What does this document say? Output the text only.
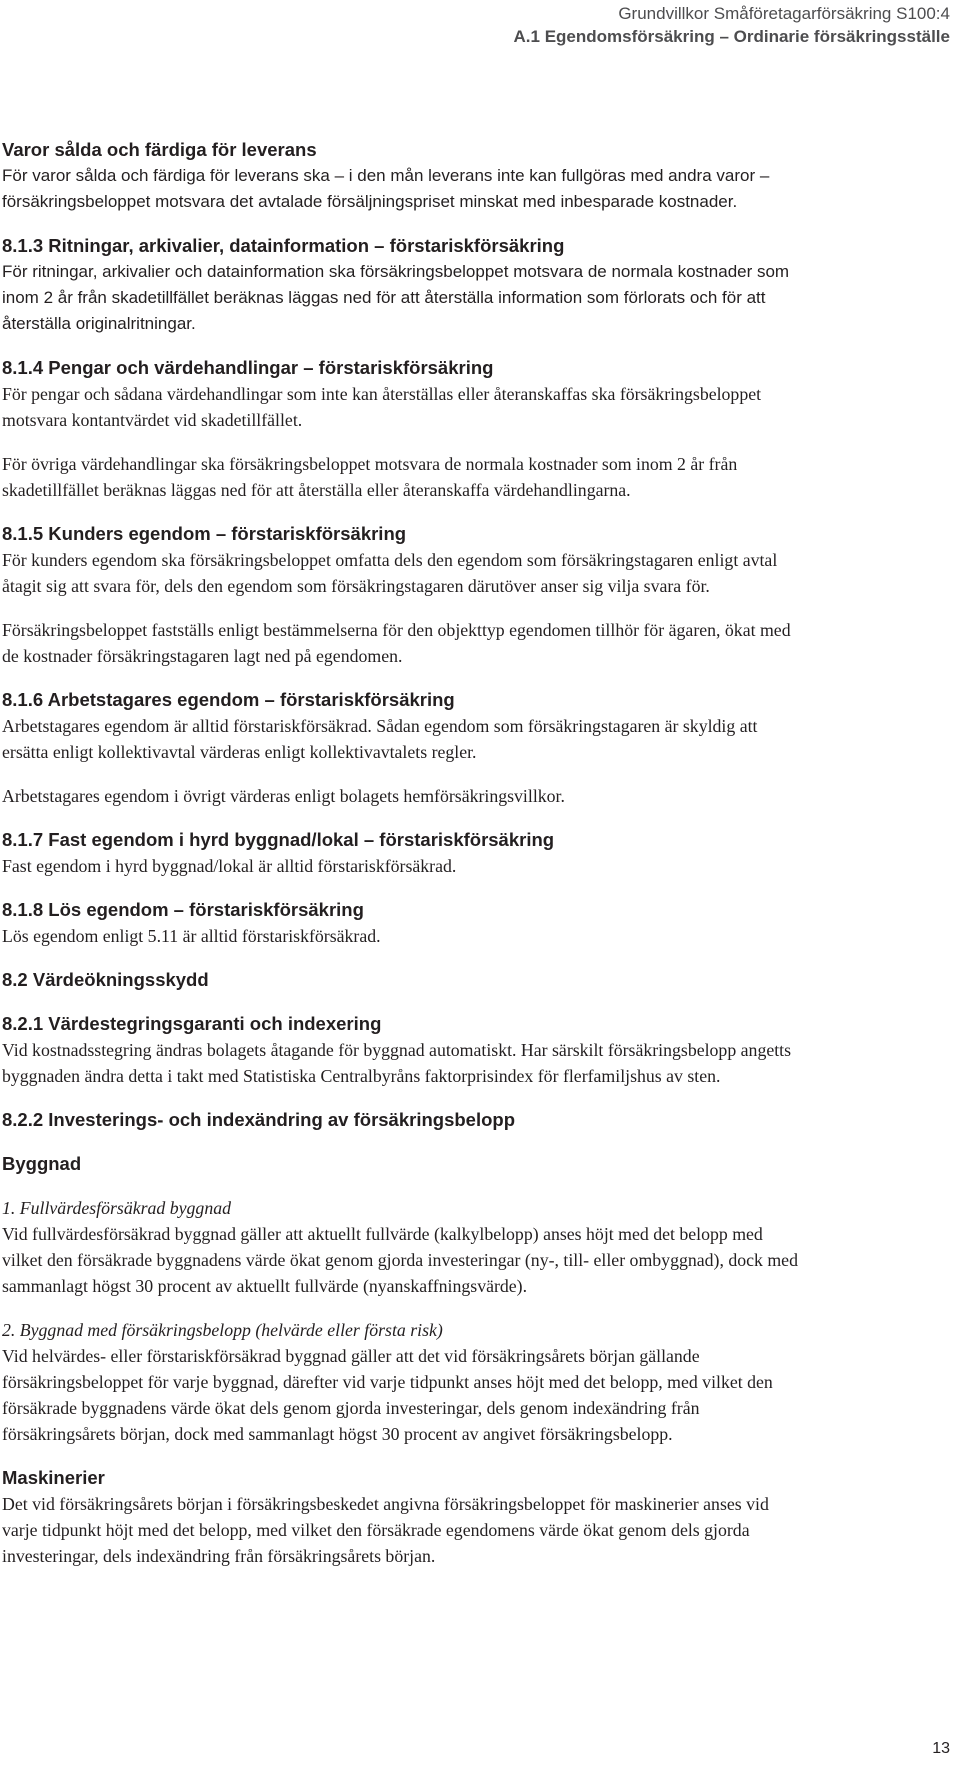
Grundvillkor Småföretagarförsäkring S100:4
A.1 Egendomsförsäkring – Ordinarie försäkringsställe
Varor sålda och färdiga för leverans

För varor sålda och färdiga för leverans ska – i den mån leverans inte kan fullgöras med andra varor – försäkringsbeloppet motsvara det avtalade försäljningspriset minskat med inbesparade kostnader.

8.1.3 Ritningar, arkivalier, datainformation – förstariskförsäkring

För ritningar, arkivalier och datainformation ska försäkringsbeloppet motsvara de normala kostnader som inom 2 år från skadetillfället beräknas läggas ned för att återställa information som förlorats och för att återställa originalritningar.

8.1.4 Pengar och värdehandlingar – förstariskförsäkring

För pengar och sådana värdehandlingar som inte kan återställas eller återanskaffas ska försäkringsbeloppet motsvara kontantvärdet vid skadetillfället.

För övriga värdehandlingar ska försäkringsbeloppet motsvara de normala kostnader som inom 2 år från skadetillfället beräknas läggas ned för att återställa eller återanskaffa värdehandlingarna.

8.1.5 Kunders egendom – förstariskförsäkring

För kunders egendom ska försäkringsbeloppet omfatta dels den egendom som försäkringstagaren enligt avtal åtagit sig att svara för, dels den egendom som försäkringstagaren därutöver anser sig vilja svara för.

Försäkringsbeloppet fastställs enligt bestämmelserna för den objekttyp egendomen tillhör för ägaren, ökat med de kostnader försäkringstagaren lagt ned på egendomen.

8.1.6 Arbetstagares egendom – förstariskförsäkring

Arbetstagares egendom är alltid förstariskförsäkrad. Sådan egendom som försäkringstagaren är skyldig att ersätta enligt kollektivavtal värderas enligt kollektivavtalets regler.

Arbetstagares egendom i övrigt värderas enligt bolagets hemförsäkringsvillkor.

8.1.7 Fast egendom i hyrd byggnad/lokal – förstariskförsäkring

Fast egendom i hyrd byggnad/lokal är alltid förstariskförsäkrad.

8.1.8 Lös egendom – förstariskförsäkring

Lös egendom enligt 5.11 är alltid förstariskförsäkrad.

8.2 Värdeökningsskydd
8.2.1 Värdestegringsgaranti och indexering

Vid kostnadsstegring ändras bolagets åtagande för byggnad automatiskt. Har särskilt försäkringsbelopp angetts byggnaden ändra detta i takt med Statistiska Centralbyråns faktorprisindex för flerfamiljshus av sten.

8.2.2 Investerings- och indexändring av försäkringsbelopp
Byggnad
1. Fullvärdesförsäkrad byggnad

Vid fullvärdesförsäkrad byggnad gäller att aktuellt fullvärde (kalkylbelopp) anses höjt med det belopp med vilket den försäkrade byggnadens värde ökat genom gjorda investeringar (ny-, till- eller ombyggnad), dock med sammanlagt högst 30 procent av aktuellt fullvärde (nyanskaffningsvärde).

2. Byggnad med försäkringsbelopp (helvärde eller första risk)

Vid helvärdes- eller förstariskförsäkrad byggnad gäller att det vid försäkringsårets början gällande försäkringsbeloppet för varje byggnad, därefter vid varje tidpunkt anses höjt med det belopp, med vilket den försäkrade byggnadens värde ökat dels genom gjorda investeringar, dels genom indexändring från försäkringsårets början, dock med sammanlagt högst 30 procent av angivet försäkringsbelopp.

Maskinerier

Det vid försäkringsårets början i försäkringsbeskedet angivna försäkringsbeloppet för maskinerier anses vid varje tidpunkt höjt med det belopp, med vilket den försäkrade egendomens värde ökat genom dels gjorda investeringar, dels indexändring från försäkringsårets början.

13
